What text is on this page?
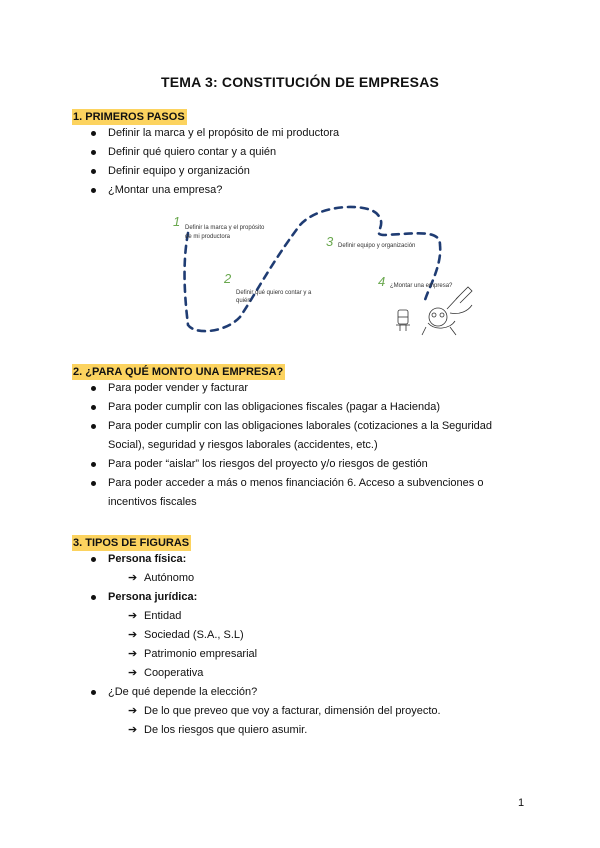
TEMA 3: CONSTITUCIÓN DE EMPRESAS
1. PRIMEROS PASOS
Definir la marca y el propósito de mi productora
Definir qué quiero contar y a quién
Definir equipo y organización
¿Montar una empresa?
1 Definir la marca y el propósito
de mi productora
2
Definir qué quiero contar y a
quién
3 Definir equipo y organización
4 ¿Montar una empresa?
2. ¿PARA QUÉ MONTO UNA EMPRESA?
Para poder vender y facturar
Para poder cumplir con las obligaciones fiscales (pagar a Hacienda)
Para poder cumplir con las obligaciones laborales (cotizaciones a la Seguridad Social), seguridad y riesgos laborales (accidentes, etc.)
Para poder “aislar” los riesgos del proyecto y/o riesgos de gestión
Para poder acceder a más o menos financiación 6. Acceso a subvenciones o incentivos fiscales
3. TIPOS DE FIGURAS
Persona física:
➔ Autónomo
Persona jurídica:
➔ Entidad
➔ Sociedad (S.A., S.L)
➔ Patrimonio empresarial
➔ Cooperativa
¿De qué depende la elección?
➔ De lo que preveo que voy a facturar, dimensión del proyecto.
➔ De los riesgos que quiero asumir.
1
